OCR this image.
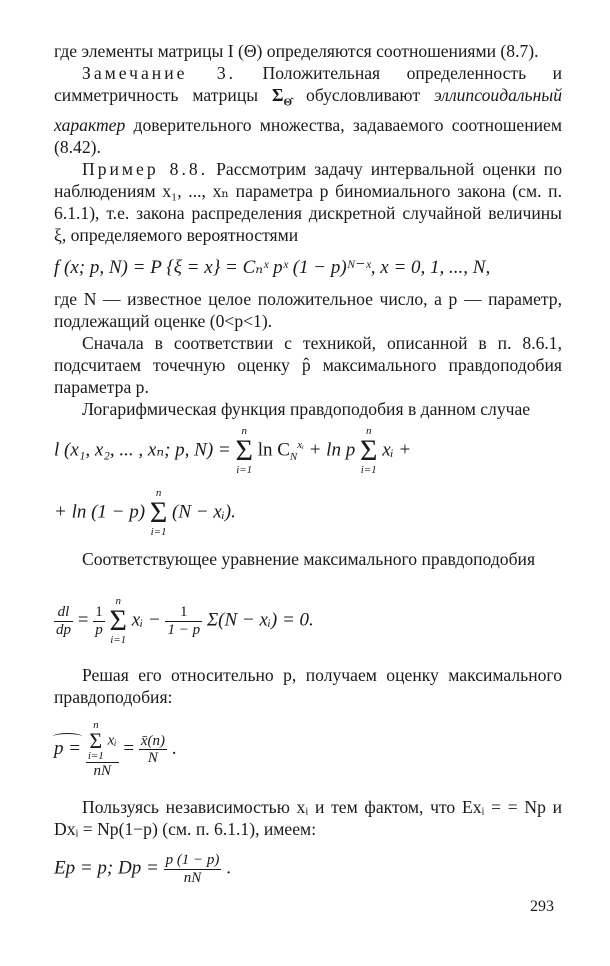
где элементы матрицы I (Θ) определяются соотношениями (8.7).

Замечание 3. Положительная определенность и симметричность матрицы $\Sigma_{\Thetâ}$ обусловливают эллипсоидальный характер доверительного множества, задаваемого соотношением (8.42).

Пример 8.8. Рассмотрим задачу интервальной оценки по наблюдениям x₁, ..., xₙ параметра p биномиального закона (см. п. 6.1.1), т.е. закона распределения дискретной случайной величины ξ, определяемого вероятностями

f (x; p, N) = P {ξ = x} = Cₙˣ pˣ (1 − p)ᴺ⁻ˣ, x = 0, 1, ..., N,

где N — известное целое положительное число, а p — параметр, подлежащий оценке (0<p<1).

Сначала в соответствии с техникой, описанной в п. 8.6.1, подсчитаем точечную оценку p̂ максимального правдоподобия параметра p.

Логарифмическая функция правдоподобия в данном случае

l (x₁, x₂, ... , xₙ; p, N) =
n
Σ
i=1
$\ln C_N^{xᵢ} + \ln p$
n
Σ
i=1
xᵢ +
+ ln (1 − p)
n
Σ
i=1
(N − xᵢ).

Соответствующее уравнение максимального правдоподобия

$\frac{dl}{dp} = \frac{1}{p}$

n
Σ
i=1
xᵢ − $\frac{1}{1 - p} \Sigma(N$ − xᵢ) = 0.

Решая его относительно p, получаем оценку максимального правдоподобия:

p = n
Σ
i=1
xᵢ
nN = $\frac{x̄(n)}{N}$ .

Пользуясь независимостью xᵢ и тем фактом, что Exᵢ = = Np и Dxᵢ = Np(1−p) (см. п. 6.1.1), имеем:

Ep = p; $Dp = \frac{p (1 - p)}{nN}$ .
293
